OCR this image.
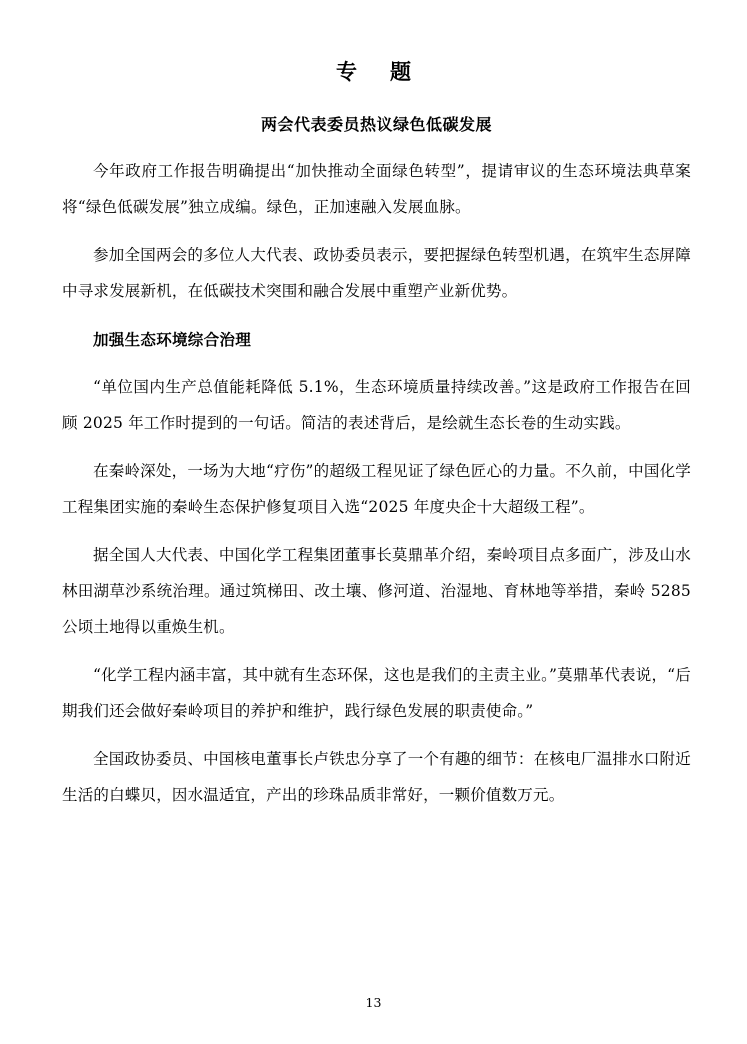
专　题
两会代表委员热议绿色低碳发展

今年政府工作报告明确提出“加快推动全面绿色转型”，提请审议的生态环境法典草案将“绿色低碳发展”独立成编。绿色，正加速融入发展血脉。

参加全国两会的多位人大代表、政协委员表示，要把握绿色转型机遇，在筑牢生态屏障中寻求发展新机，在低碳技术突围和融合发展中重塑产业新优势。

加强生态环境综合治理

“单位国内生产总值能耗降低 5.1%，生态环境质量持续改善。”这是政府工作报告在回顾 2025 年工作时提到的一句话。简洁的表述背后，是绘就生态长卷的生动实践。

在秦岭深处，一场为大地“疗伤”的超级工程见证了绿色匠心的力量。不久前，中国化学工程集团实施的秦岭生态保护修复项目入选“2025 年度央企十大超级工程”。

据全国人大代表、中国化学工程集团董事长莫鼎革介绍，秦岭项目点多面广，涉及山水林田湖草沙系统治理。通过筑梯田、改土壤、修河道、治湿地、育林地等举措，秦岭 5285 公顷土地得以重焕生机。

“化学工程内涵丰富，其中就有生态环保，这也是我们的主责主业。”莫鼎革代表说，“后期我们还会做好秦岭项目的养护和维护，践行绿色发展的职责使命。”

全国政协委员、中国核电董事长卢铁忠分享了一个有趣的细节：在核电厂温排水口附近生活的白蝶贝，因水温适宜，产出的珍珠品质非常好，一颗价值数万元。

13
